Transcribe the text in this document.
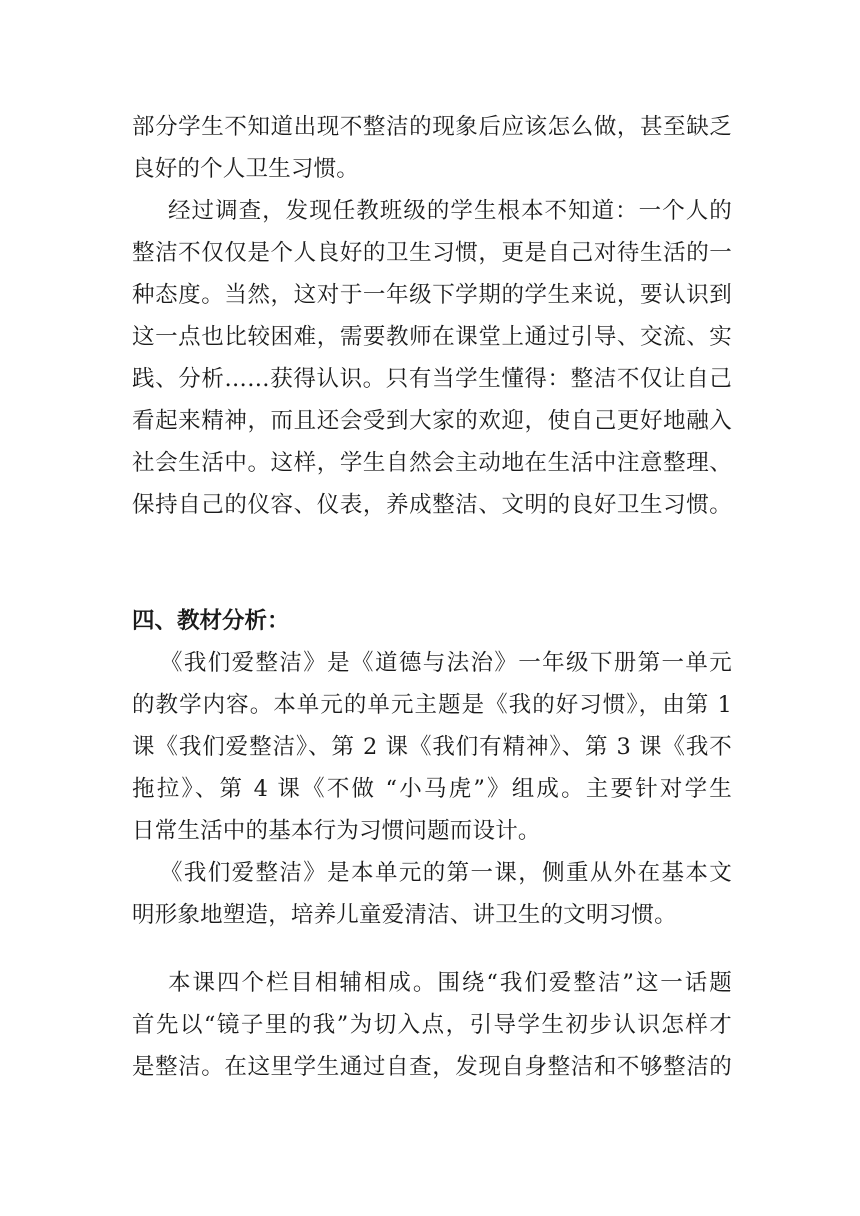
部分学生不知道出现不整洁的现象后应该怎么做，甚至缺乏
良好的个人卫生习惯。
经过调查，发现任教班级的学生根本不知道：一个人的
整洁不仅仅是个人良好的卫生习惯，更是自己对待生活的一
种态度。当然，这对于一年级下学期的学生来说，要认识到
这一点也比较困难，需要教师在课堂上通过引导、交流、实
践、分析……获得认识。只有当学生懂得：整洁不仅让自己
看起来精神，而且还会受到大家的欢迎，使自己更好地融入
社会生活中。这样，学生自然会主动地在生活中注意整理、
保持自己的仪容、仪表，养成整洁、文明的良好卫生习惯。
四、教材分析：
《我们爱整洁》是《道德与法治》一年级下册第一单元
的教学内容。本单元的单元主题是《我的好习惯》，由第 1
课《我们爱整洁》、第 2 课《我们有精神》、第 3 课《我不
拖拉》、第 4 课《不做 “小马虎”》组成。主要针对学生
日常生活中的基本行为习惯问题而设计。
《我们爱整洁》是本单元的第一课，侧重从外在基本文
明形象地塑造，培养儿童爱清洁、讲卫生的文明习惯。
本课四个栏目相辅相成。围绕“我们爱整洁”这一话题
首先以“镜子里的我”为切入点，引导学生初步认识怎样才
是整洁。在这里学生通过自查，发现自身整洁和不够整洁的
